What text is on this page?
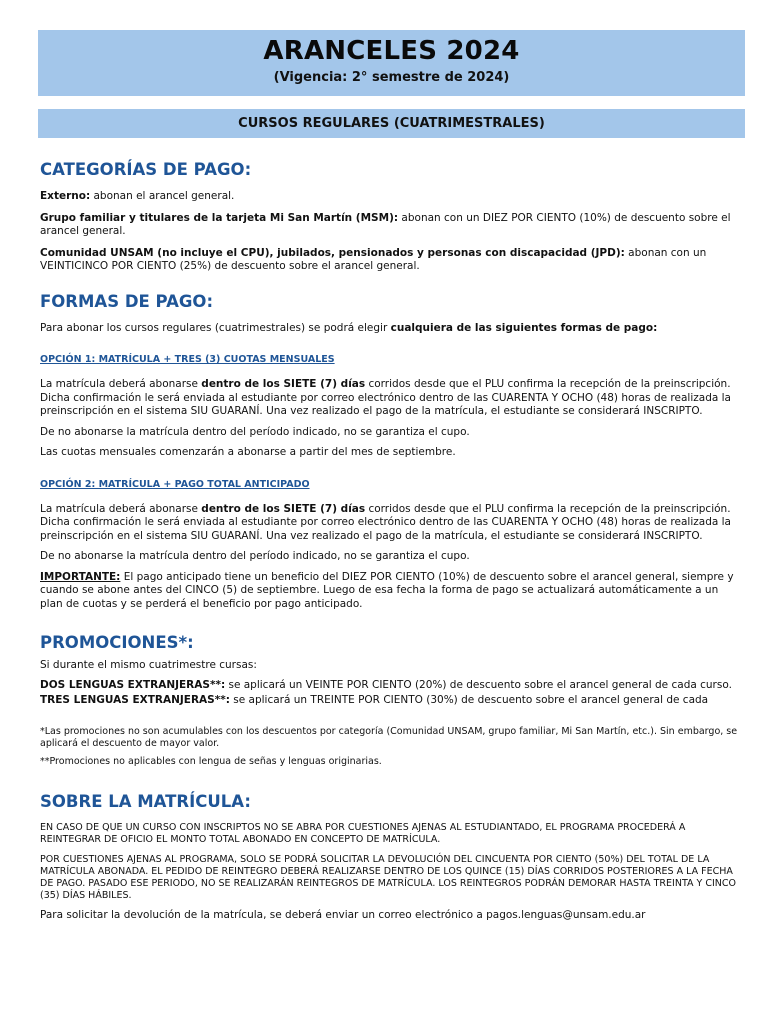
ARANCELES 2024
(Vigencia: 2° semestre de 2024)
CURSOS REGULARES (CUATRIMESTRALES)
CATEGORÍAS DE PAGO:

Externo: abonan el arancel general.

Grupo familiar y titulares de la tarjeta Mi San Martín (MSM): abonan con un DIEZ POR CIENTO (10%) de descuento sobre el arancel general.

Comunidad UNSAM (no incluye el CPU), jubilados, pensionados y personas con discapacidad (JPD): abonan con un VEINTICINCO POR CIENTO (25%) de descuento sobre el arancel general.

FORMAS DE PAGO:

Para abonar los cursos regulares (cuatrimestrales) se podrá elegir cualquiera de las siguientes formas de pago:

OPCIÓN 1: MATRÍCULA + TRES (3) CUOTAS MENSUALES

La matrícula deberá abonarse dentro de los SIETE (7) días corridos desde que el PLU confirma la recepción de la preinscripción. Dicha confirmación le será enviada al estudiante por correo electrónico dentro de las CUARENTA Y OCHO (48) horas de realizada la preinscripción en el sistema SIU GUARANÍ. Una vez realizado el pago de la matrícula, el estudiante se considerará INSCRIPTO.

De no abonarse la matrícula dentro del período indicado, no se garantiza el cupo.

Las cuotas mensuales comenzarán a abonarse a partir del mes de septiembre.

OPCIÓN 2: MATRÍCULA + PAGO TOTAL ANTICIPADO

La matrícula deberá abonarse dentro de los SIETE (7) días corridos desde que el PLU confirma la recepción de la preinscripción. Dicha confirmación le será enviada al estudiante por correo electrónico dentro de las CUARENTA Y OCHO (48) horas de realizada la preinscripción en el sistema SIU GUARANÍ. Una vez realizado el pago de la matrícula, el estudiante se considerará INSCRIPTO.

De no abonarse la matrícula dentro del período indicado, no se garantiza el cupo.

IMPORTANTE: El pago anticipado tiene un beneficio del DIEZ POR CIENTO (10%) de descuento sobre el arancel general, siempre y cuando se abone antes del CINCO (5) de septiembre. Luego de esa fecha la forma de pago se actualizará automáticamente a un plan de cuotas y se perderá el beneficio por pago anticipado.

PROMOCIONES*:

Si durante el mismo cuatrimestre cursas:

DOS LENGUAS EXTRANJERAS**: se aplicará un VEINTE POR CIENTO (20%) de descuento sobre el arancel general de cada curso.

TRES LENGUAS EXTRANJERAS**: se aplicará un TREINTE POR CIENTO (30%) de descuento sobre el arancel general de cada

*Las promociones no son acumulables con los descuentos por categoría (Comunidad UNSAM, grupo familiar, Mi San Martín, etc.). Sin embargo, se aplicará el descuento de mayor valor.

**Promociones no aplicables con lengua de señas y lenguas originarias.

SOBRE LA MATRÍCULA:

EN CASO DE QUE UN CURSO CON INSCRIPTOS NO SE ABRA POR CUESTIONES AJENAS AL ESTUDIANTADO, EL PROGRAMA PROCEDERÁ A REINTEGRAR DE OFICIO EL MONTO TOTAL ABONADO EN CONCEPTO DE MATRÍCULA.

POR CUESTIONES AJENAS AL PROGRAMA, SOLO SE PODRÁ SOLICITAR LA DEVOLUCIÓN DEL CINCUENTA POR CIENTO (50%) DEL TOTAL DE LA MATRÍCULA ABONADA. EL PEDIDO DE REINTEGRO DEBERÁ REALIZARSE DENTRO DE LOS QUINCE (15) DÍAS CORRIDOS POSTERIORES A LA FECHA DE PAGO. PASADO ESE PERIODO, NO SE REALIZARÁN REINTEGROS DE MATRÍCULA. LOS REINTEGROS PODRÁN DEMORAR HASTA TREINTA Y CINCO (35) DÍAS HÁBILES.

Para solicitar la devolución de la matrícula, se deberá enviar un correo electrónico a pagos.lenguas@unsam.edu.ar
